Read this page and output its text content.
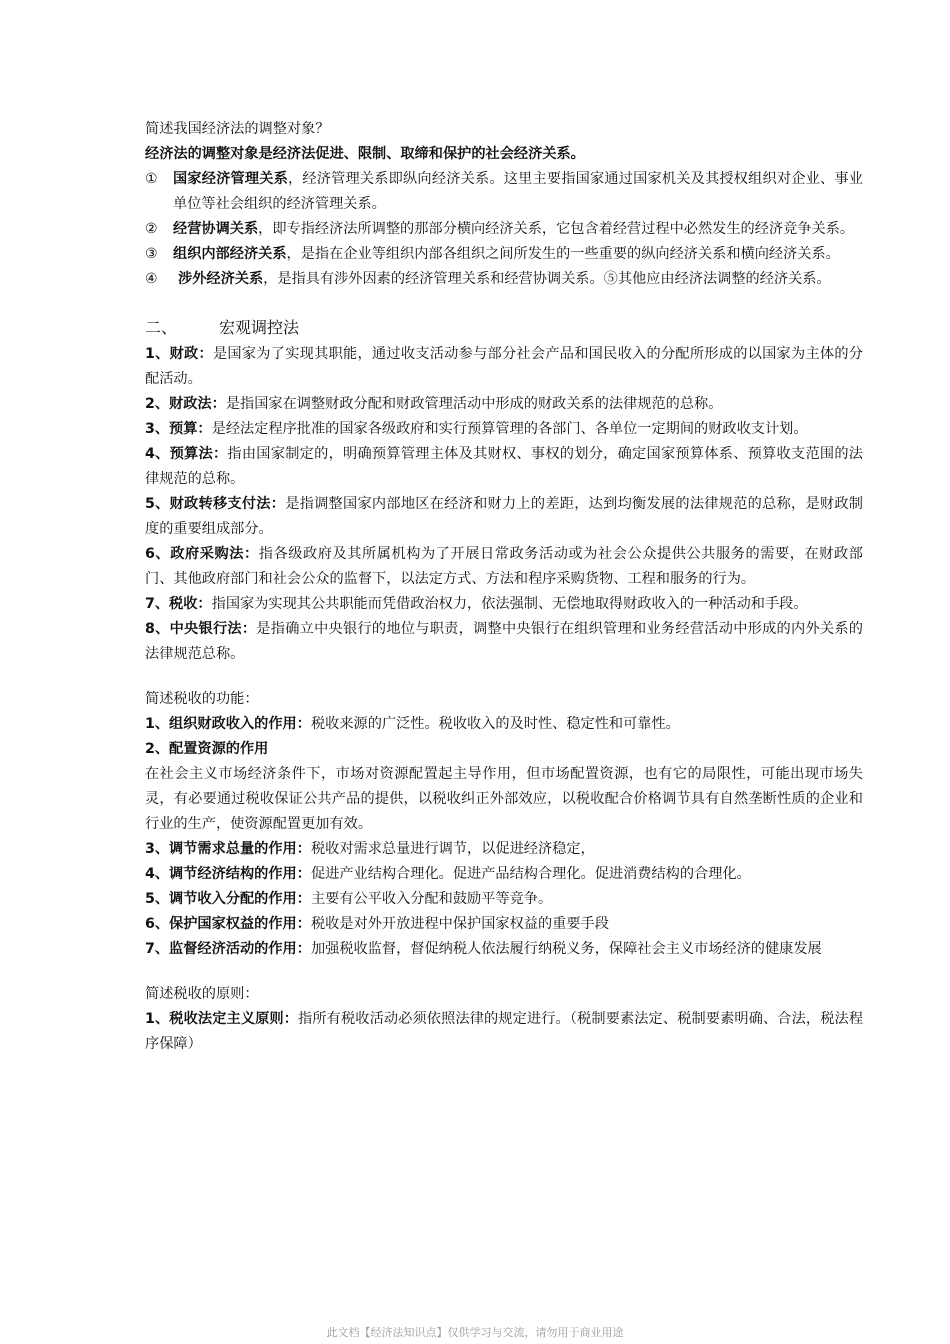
简述我国经济法的调整对象？

经济法的调整对象是经济法促进、限制、取缔和保护的社会经济关系。

① 国家经济管理关系，经济管理关系即纵向经济关系。这里主要指国家通过国家机关及其授权组织对企业、事业单位等社会组织的经济管理关系。
② 经营协调关系，即专指经济法所调整的那部分横向经济关系，它包含着经营过程中必然发生的经济竞争关系。
③ 组织内部经济关系，是指在企业等组织内部各组织之间所发生的一些重要的纵向经济关系和横向经济关系。
④ 涉外经济关系，是指具有涉外因素的经济管理关系和经营协调关系。⑤其他应由经济法调整的经济关系。

二、	宏观调控法

1、财政：是国家为了实现其职能，通过收支活动参与部分社会产品和国民收入的分配所形成的以国家为主体的分配活动。

2、财政法：是指国家在调整财政分配和财政管理活动中形成的财政关系的法律规范的总称。

3、预算：是经法定程序批准的国家各级政府和实行预算管理的各部门、各单位一定期间的财政收支计划。

4、预算法：指由国家制定的，明确预算管理主体及其财权、事权的划分，确定国家预算体系、预算收支范围的法律规范的总称。

5、财政转移支付法：是指调整国家内部地区在经济和财力上的差距，达到均衡发展的法律规范的总称，是财政制度的重要组成部分。

6、政府采购法：指各级政府及其所属机构为了开展日常政务活动或为社会公众提供公共服务的需要，在财政部门、其他政府部门和社会公众的监督下，以法定方式、方法和程序采购货物、工程和服务的行为。

7、税收：指国家为实现其公共职能而凭借政治权力，依法强制、无偿地取得财政收入的一种活动和手段。

8、中央银行法：是指确立中央银行的地位与职责，调整中央银行在组织管理和业务经营活动中形成的内外关系的法律规范总称。

简述税收的功能：

1、组织财政收入的作用：税收来源的广泛性。税收收入的及时性、稳定性和可靠性。

2、配置资源的作用

在社会主义市场经济条件下，市场对资源配置起主导作用，但市场配置资源，也有它的局限性，可能出现市场失灵，有必要通过税收保证公共产品的提供，以税收纠正外部效应，以税收配合价格调节具有自然垄断性质的企业和行业的生产，使资源配置更加有效。

3、调节需求总量的作用：税收对需求总量进行调节，以促进经济稳定，

4、调节经济结构的作用：促进产业结构合理化。促进产品结构合理化。促进消费结构的合理化。

5、调节收入分配的作用：主要有公平收入分配和鼓励平等竞争。

6、保护国家权益的作用：税收是对外开放进程中保护国家权益的重要手段

7、监督经济活动的作用：加强税收监督，督促纳税人依法履行纳税义务，保障社会主义市场经济的健康发展

简述税收的原则：

1、税收法定主义原则：指所有税收活动必须依照法律的规定进行。（税制要素法定、税制要素明确、合法，税法程序保障）

此文档【经济法知识点】仅供学习与交流，请勿用于商业用途
